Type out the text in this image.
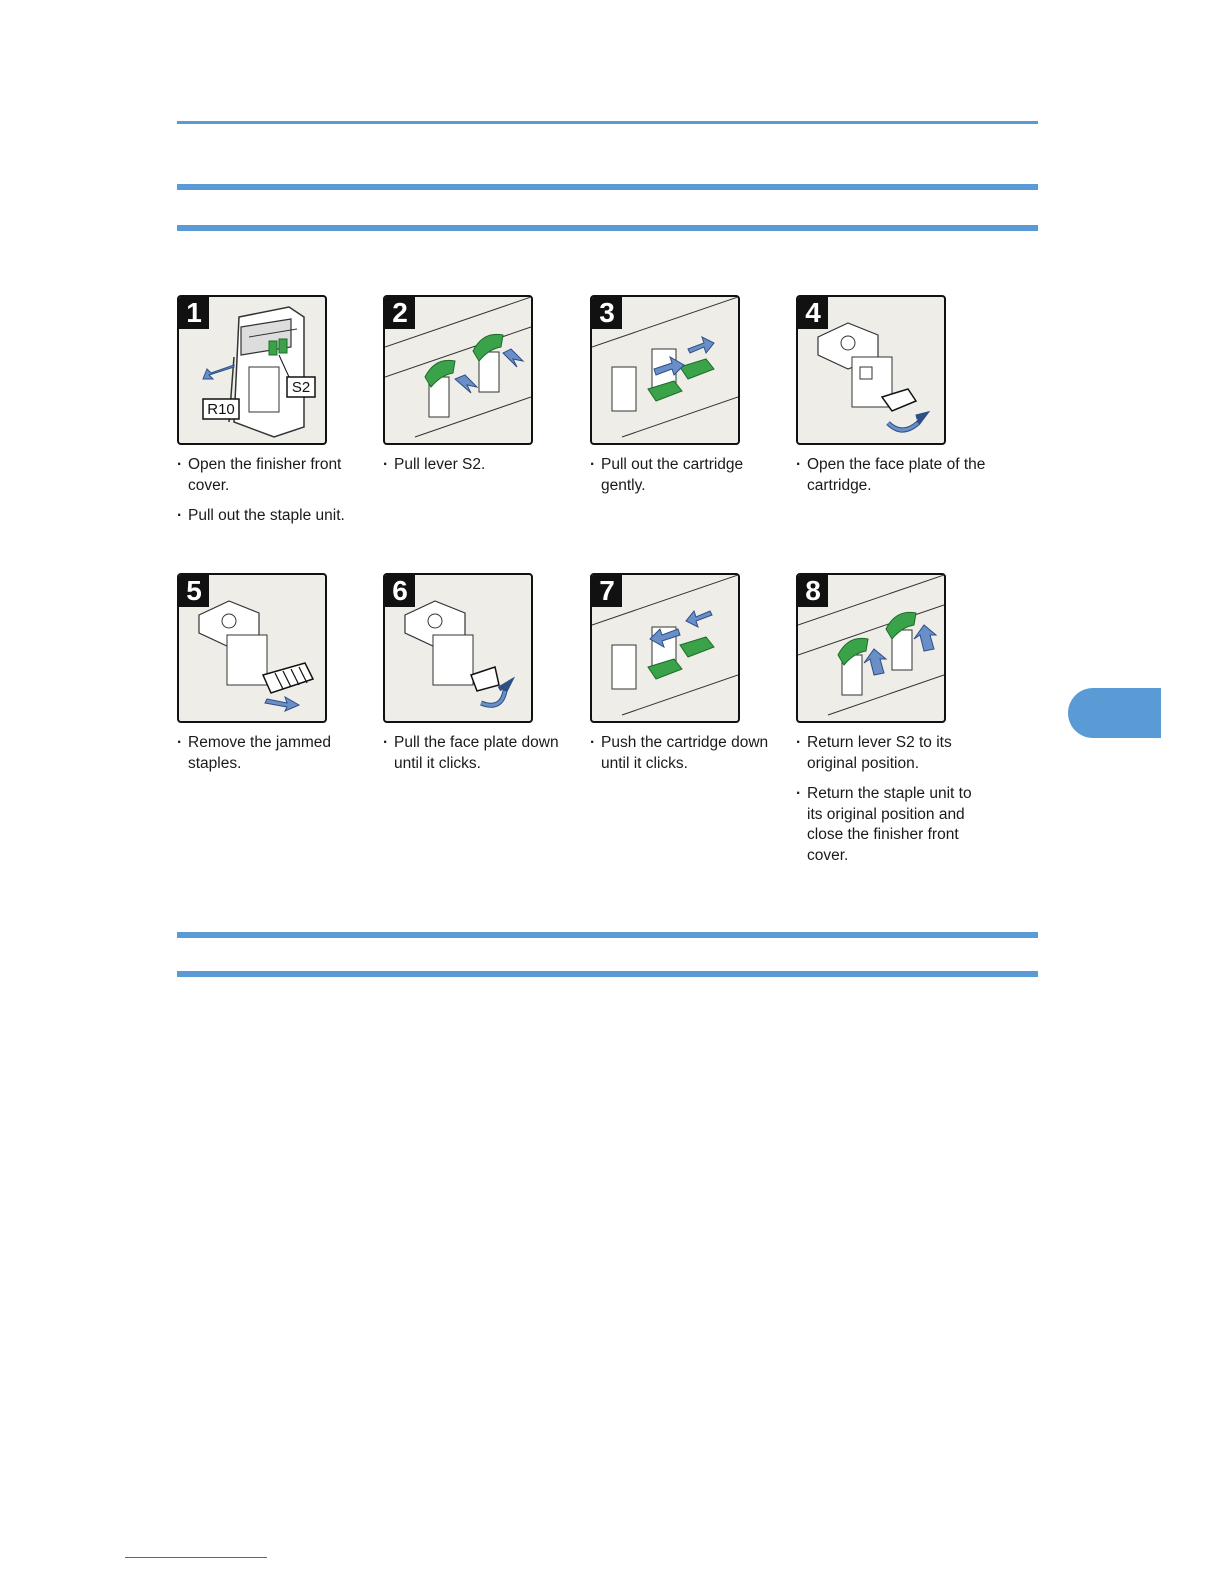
1
R10
S2
· Open the finisher front cover.
· Pull out the staple unit.
2
· Pull lever S2.
3
· Pull out the cartridge gently.
4
· Open the face plate of the cartridge.
5
· Remove the jammed staples.
6
· Pull the face plate down until it clicks.
7
· Push the cartridge down until it clicks.
8
· Return lever S2 to its original position.
· Return the staple unit to its original position and close the finisher front cover.
